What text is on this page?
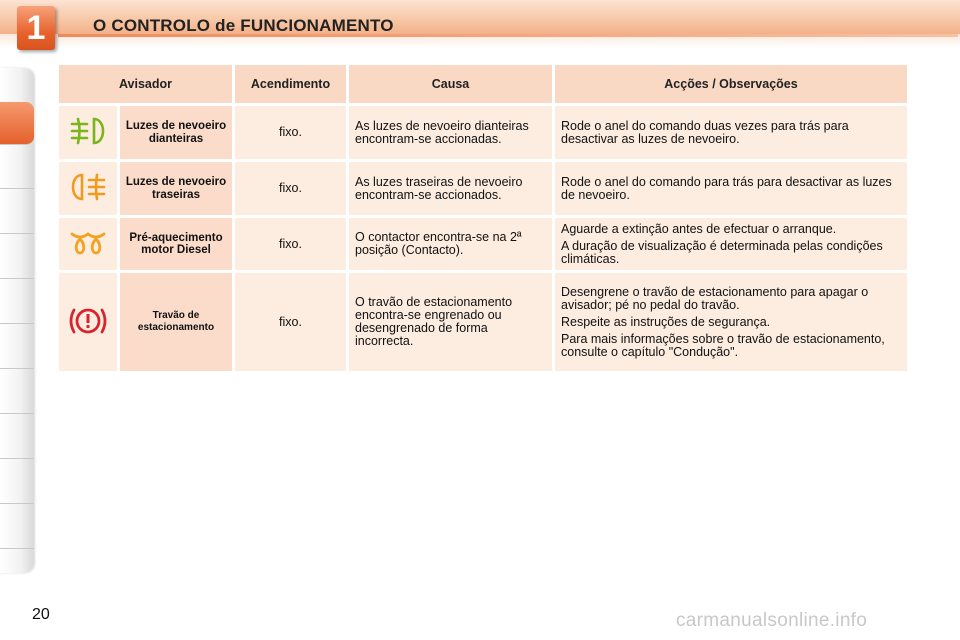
1	O CONTROLO de FUNCIONAMENTO
Avisador		Acendimento	Causa	Acções / Observações
	Luzes de nevoeiro dianteiras	fixo.	As luzes de nevoeiro dianteiras encontram-se accionadas.	Rode o anel do comando duas vezes para trás para desactivar as luzes de nevoeiro.

	Luzes de nevoeiro traseiras	fixo.	As luzes traseiras de nevoeiro encontram-se accionados.	Rode o anel do comando para trás para desactivar as luzes de nevoeiro.

	Pré-aquecimento motor Diesel	fixo.	O contactor encontra-se na 2ª posição (Contacto).	Aguarde a extinção antes de efectuar o arranque.

A duração de visualização é determinada pelas condições climáticas.

	Travão de estacionamento	fixo.	O travão de estacionamento encontra-se engrenado ou desengrenado de forma incorrecta.	Desengrene o travão de estacionamento para apagar o avisador; pé no pedal do travão.

Respeite as instruções de segurança.

Para mais informações sobre o travão de estacionamento, consulte o capítulo "Condução".

20	carmanualsonline.info
